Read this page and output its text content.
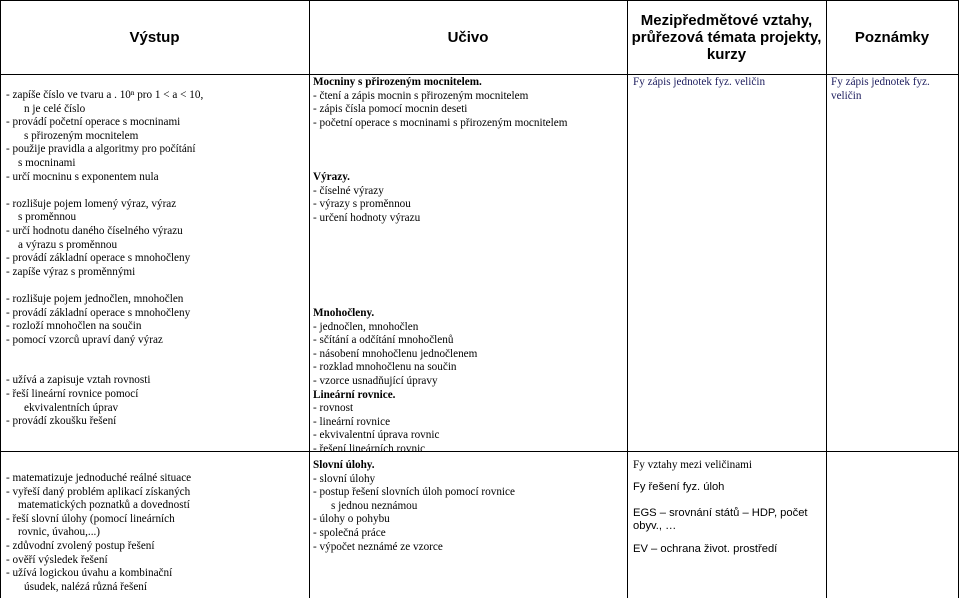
Výstup	Učivo
Mezipředmětové vztahy,
průřezová témata projekty,
kurzy
Poznámky
- zapíše číslo ve tvaru a . 10ⁿ pro 1 < a < 10,
n je celé číslo
- provádí početní operace s mocninami
s přirozeným mocnitelem
- použije pravidla a algoritmy pro počítání
s mocninami
- určí mocninu s exponentem nula
- rozlišuje pojem lomený výraz, výraz
s proměnnou
- určí hodnotu daného číselného výrazu
a výrazu s proměnnou
- provádí základní operace s mnohočleny
- zapíše výraz s proměnnými
- rozlišuje pojem jednočlen, mnohočlen
- provádí základní operace s mnohočleny
- rozloží mnohočlen na součin
- pomocí vzorců upraví daný výraz
- užívá a zapisuje vztah rovnosti
- řeší lineární rovnice pomocí
ekvivalentních úprav
- provádí zkoušku řešení
Mocniny s přirozeným mocnitelem.
- čtení a zápis mocnin s přirozeným mocnitelem
- zápis čísla pomocí mocnin deseti
- početní operace s mocninami s přirozeným mocnitelem
Výrazy.
- číselné výrazy
- výrazy s proměnnou
- určení hodnoty výrazu
Mnohočleny.
- jednočlen, mnohočlen
- sčítání a odčítání mnohočlenů
- násobení mnohočlenu jednočlenem
- rozklad mnohočlenu na součin
- vzorce usnadňující úpravy
Lineární rovnice.
- rovnost
- lineární rovnice
- ekvivalentní úprava rovnic
- řešení lineárních rovnic
Fy zápis jednotek fyz. veličin	Fy zápis jednotek fyz.
veličin
- matematizuje jednoduché reálné situace
- vyřeší daný problém aplikací získaných
matematických poznatků a dovedností
- řeší slovní úlohy (pomocí lineárních
rovnic, úvahou,...)
- zdůvodní zvolený postup řešení
- ověří výsledek řešení
- užívá logickou úvahu a kombinační
úsudek, nalézá různá řešení
Slovní úlohy.
- slovní úlohy
- postup řešení slovních úloh pomocí rovnice
s jednou neznámou
- úlohy o pohybu
- společná práce
- výpočet neznámé ze vzorce
Fy vztahy mezi veličinami
Fy řešení fyz. úloh
EGS – srovnání států – HDP, počet
obyv., …
EV – ochrana život. prostředí
